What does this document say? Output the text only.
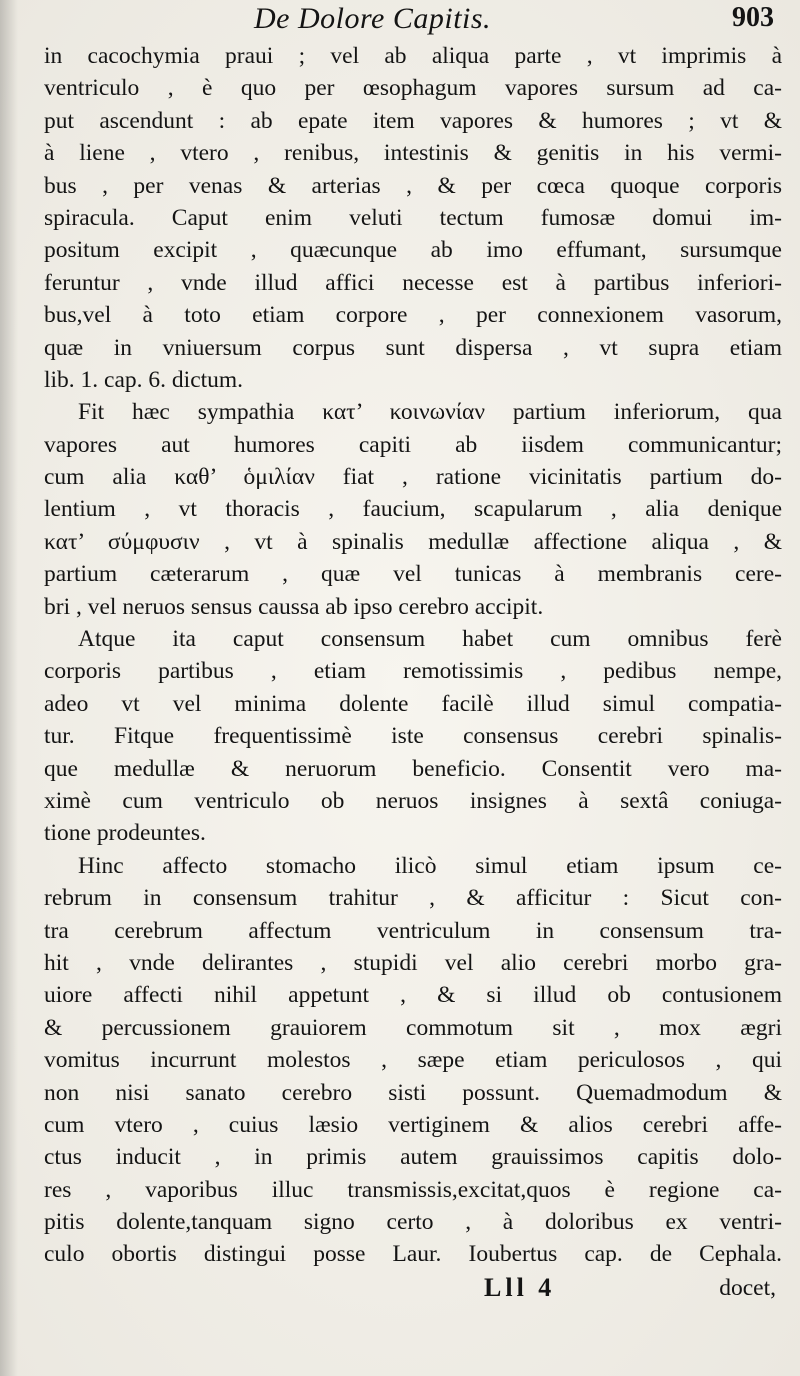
De Dolore Capitis.	903
in cacochymia praui ; vel ab aliqua parte , vt imprimis à
ventriculo , è quo per œsophagum vapores sursum ad ca-
put ascendunt : ab epate item vapores & humores ; vt &
à liene , vtero , renibus, intestinis & genitis in his vermi-
bus , per venas & arterias , & per cœca quoque corporis
spiracula. Caput enim veluti tectum fumosæ domui im-
positum excipit , quæcunque ab imo effumant, sursumque
feruntur , vnde illud affici necesse est à partibus inferiori-
bus,vel à toto etiam corpore , per connexionem vasorum,
quæ in vniuersum corpus sunt dispersa , vt supra etiam
lib. 1. cap. 6. dictum.
Fit hæc sympathia κατ’ κοινωνίαν partium inferiorum, qua
vapores aut humores capiti ab iisdem communicantur;
cum alia καθ’ ὁμιλίαν fiat , ratione vicinitatis partium do-
lentium , vt thoracis , faucium, scapularum , alia denique
κατ’ σύμφυσιν , vt à spinalis medullæ affectione aliqua , &
partium cæterarum , quæ vel tunicas à membranis cere-
bri , vel neruos sensus caussa ab ipso cerebro accipit.
Atque ita caput consensum habet cum omnibus ferè
corporis partibus , etiam remotissimis , pedibus nempe,
adeo vt vel minima dolente facilè illud simul compatia-
tur. Fitque frequentissimè iste consensus cerebri spinalis-
que medullæ & neruorum beneficio. Consentit vero ma-
ximè cum ventriculo ob neruos insignes à sextâ coniuga-
tione prodeuntes.
Hinc affecto stomacho ilicò simul etiam ipsum ce-
rebrum in consensum trahitur , & afficitur : Sicut con-
tra cerebrum affectum ventriculum in consensum tra-
hit , vnde delirantes , stupidi vel alio cerebri morbo gra-
uiore affecti nihil appetunt , & si illud ob contusionem
& percussionem grauiorem commotum sit , mox ægri
vomitus incurrunt molestos , sæpe etiam periculosos , qui
non nisi sanato cerebro sisti possunt. Quemadmodum &
cum vtero , cuius læsio vertiginem & alios cerebri affe-
ctus inducit , in primis autem grauissimos capitis dolo-
res , vaporibus illuc transmissis,excitat,quos è regione ca-
pitis dolente,tanquam signo certo , à doloribus ex ventri-
culo obortis distingui posse Laur. Ioubertus cap. de Cephala.
Lll 4	docet,
